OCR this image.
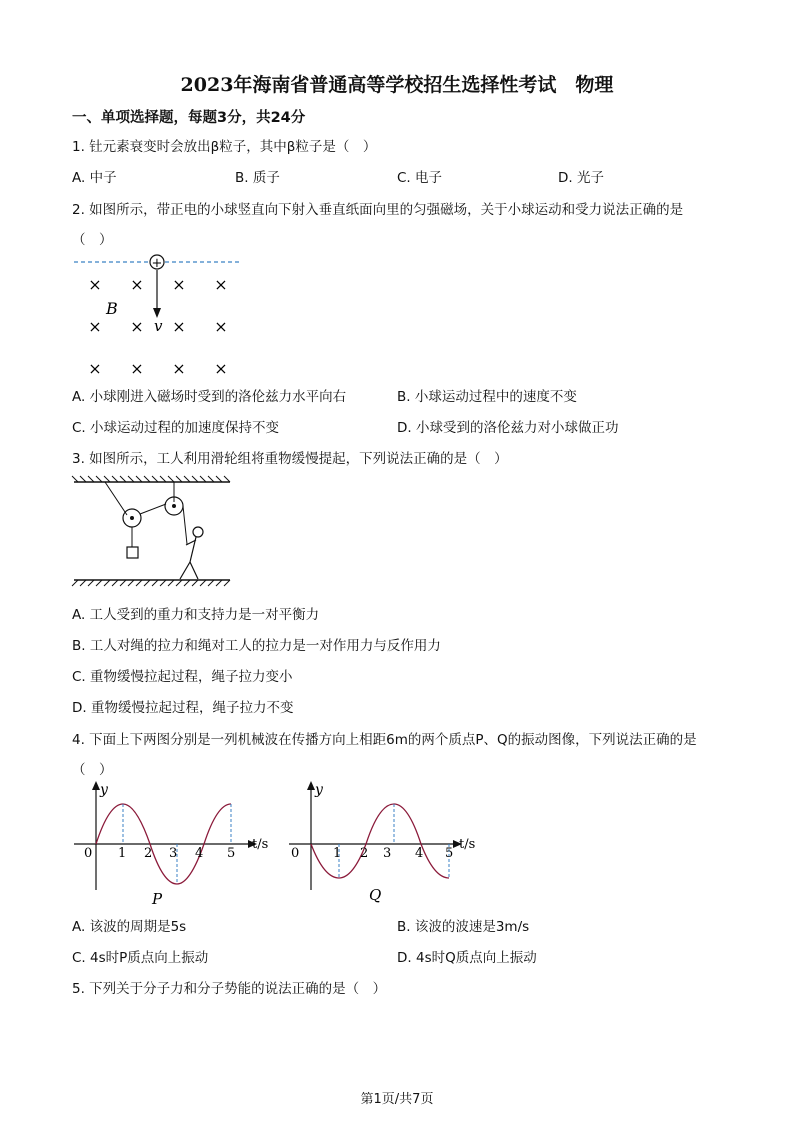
2023年海南省普通高等学校招生选择性考试　物理
一、单项选择题，每题3分，共24分
1. 钍元素衰变时会放出β粒子，其中β粒子是（　）
A. 中子	B. 质子	C. 电子	D. 光子
2. 如图所示，带正电的小球竖直向下射入垂直纸面向里的匀强磁场，关于小球运动和受力说法正确的是
（　）
+
× × × ×
× × × ×
× × × ×
B
v
A. 小球刚进入磁场时受到的洛伦兹力水平向右	B. 小球运动过程中的速度不变
C. 小球运动过程的加速度保持不变	D. 小球受到的洛伦兹力对小球做正功
3. 如图所示，工人利用滑轮组将重物缓慢提起，下列说法正确的是（　）
A. 工人受到的重力和支持力是一对平衡力
B. 工人对绳的拉力和绳对工人的拉力是一对作用力与反作用力
C. 重物缓慢拉起过程，绳子拉力变小
D. 重物缓慢拉起过程，绳子拉力不变
4. 下面上下两图分别是一列机械波在传播方向上相距6m的两个质点P、Q的振动图像，下列说法正确的是
（　）
y
t/s
0 1 2 3 4 5
P
y
t/s
0	1 2 3 4 5
Q
A. 该波的周期是5s	B. 该波的波速是3m/s
C. 4s时P质点向上振动	D. 4s时Q质点向上振动
5. 下列关于分子力和分子势能的说法正确的是（　）
第1页/共7页
